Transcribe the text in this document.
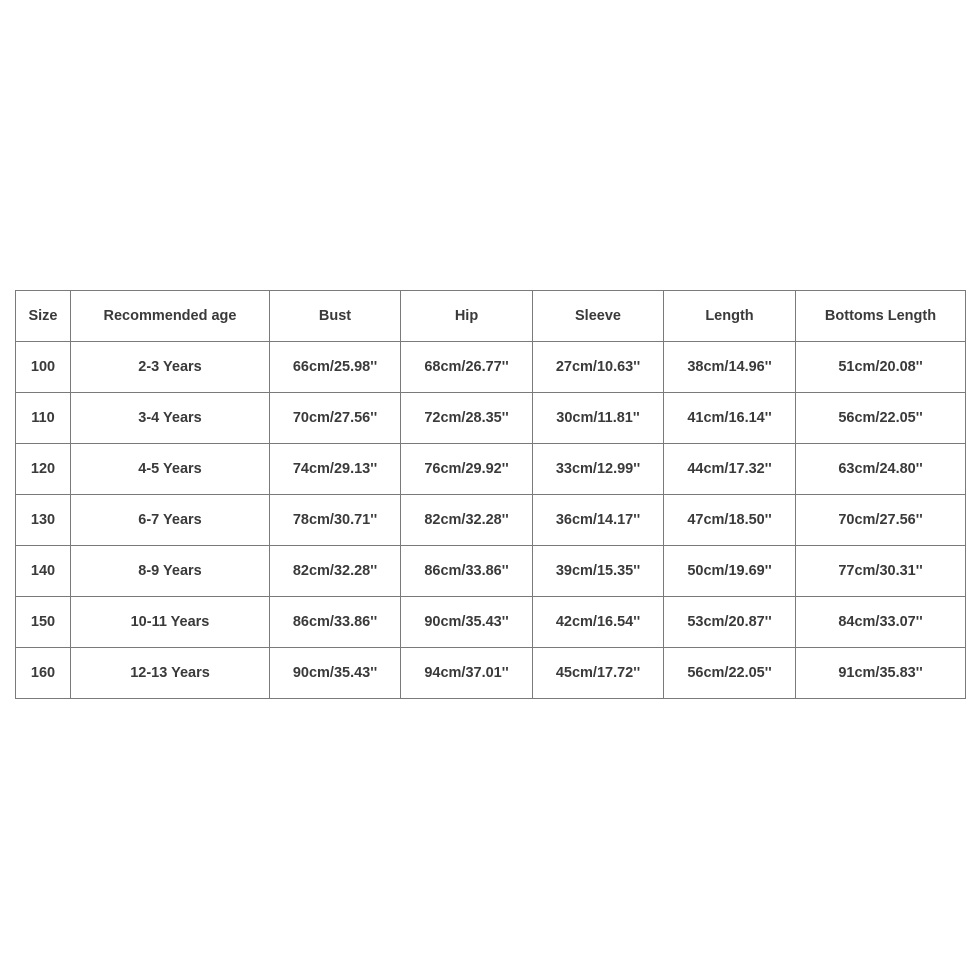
Size	Recommended age	Bust	Hip	Sleeve	Length	Bottoms Length
100	2-3 Years	66cm/25.98''	68cm/26.77''	27cm/10.63''	38cm/14.96''	51cm/20.08''
110	3-4 Years	70cm/27.56''	72cm/28.35''	30cm/11.81''	41cm/16.14''	56cm/22.05''
120	4-5 Years	74cm/29.13''	76cm/29.92''	33cm/12.99''	44cm/17.32''	63cm/24.80''
130	6-7 Years	78cm/30.71''	82cm/32.28''	36cm/14.17''	47cm/18.50''	70cm/27.56''
140	8-9 Years	82cm/32.28''	86cm/33.86''	39cm/15.35''	50cm/19.69''	77cm/30.31''
150	10-11 Years	86cm/33.86''	90cm/35.43''	42cm/16.54''	53cm/20.87''	84cm/33.07''
160	12-13 Years	90cm/35.43''	94cm/37.01''	45cm/17.72''	56cm/22.05''	91cm/35.83''
